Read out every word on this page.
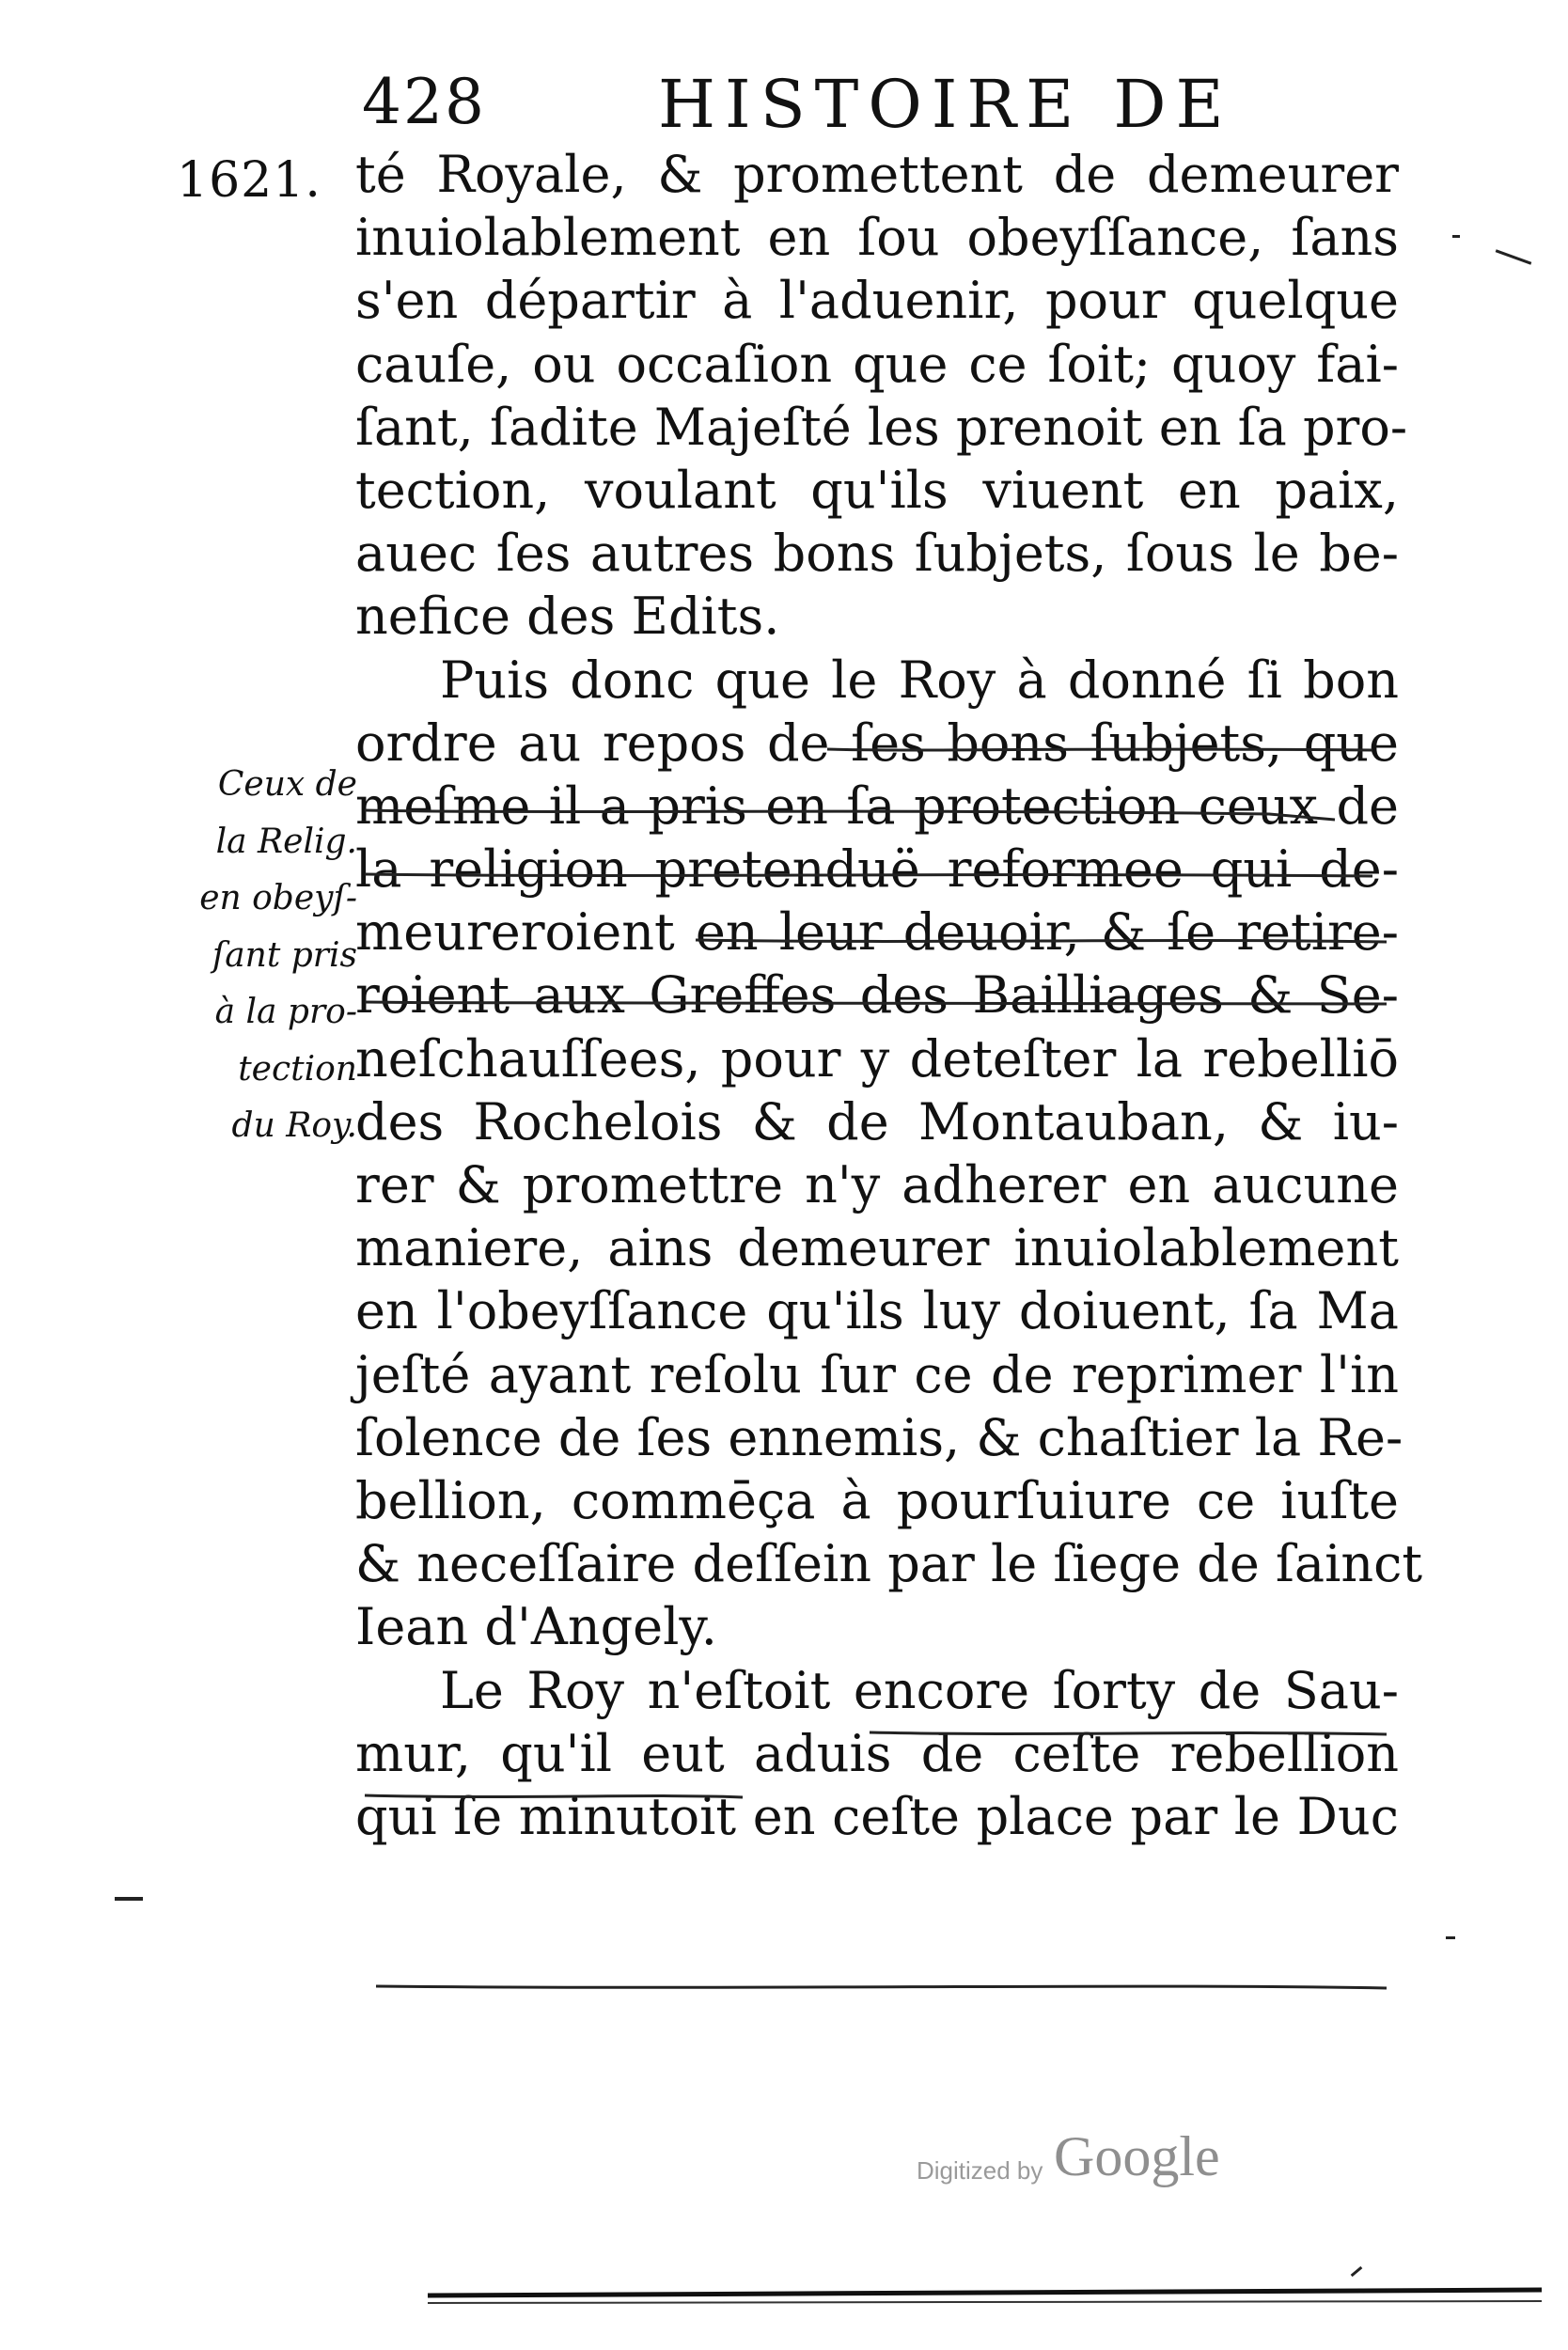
428	HISTOIRE DE
1621. té Royale, & promettent de demeurer
inuiolablement en ſou obeyſſance, ſans
s'en départir à l'aduenir, pour quelque
cauſe, ou occaſion que ce ſoit; quoy fai-
ſant, ſadite Majeſté les prenoit en ſa pro-
tection, voulant qu'ils viuent en paix,
auec ſes autres bons ſubjets, ſous le be-
nefice des Edits.
Puis donc que le Roy à donné ſi bon
ordre au repos de ſes bons ſubjets, que
meſme il a pris en ſa protection ceux de
la religion pretenduë reformee qui de-
meureroient en leur deuoir, & ſe retire-
roient aux Greffes des Bailliages & Se-
neſchauſſees, pour y deteſter la rebelliō
des Rochelois & de Montauban, & iu-
rer & promettre n'y adherer en aucune
maniere, ains demeurer inuiolablement
en l'obeyſſance qu'ils luy doiuent, ſa Ma
jeſté ayant reſolu ſur ce de reprimer l'in
ſolence de ſes ennemis, & chaſtier la Re-
bellion, commēça à pourſuiure ce iuſte
& neceſſaire deſſein par le ſiege de ſainct
Iean d'Angely.
Le Roy n'eſtoit encore ſorty de Sau-
mur, qu'il eut aduis de ceſte rebellion
qui ſe minutoit en ceſte place par le Duc
Ceux de
la Relig.
en obeyſ-
ſant pris
à la pro-
tection
du Roy.
Digitized by Google
